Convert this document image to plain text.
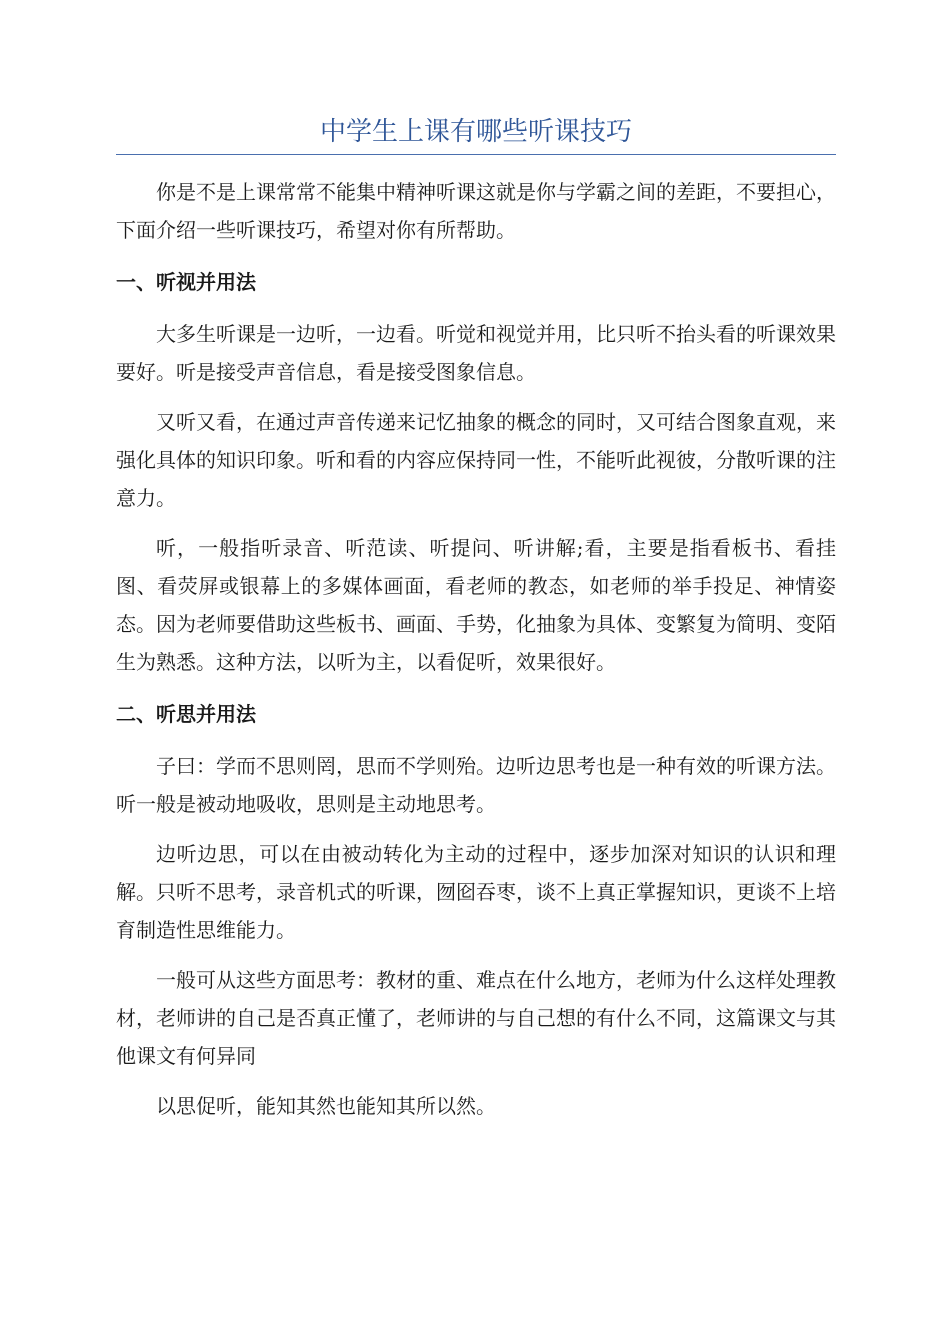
中学生上课有哪些听课技巧

你是不是上课常常不能集中精神听课这就是你与学霸之间的差距，不要担心，下面介绍一些听课技巧，希望对你有所帮助。

一、听视并用法

大多生听课是一边听，一边看。听觉和视觉并用，比只听不抬头看的听课效果要好。听是接受声音信息，看是接受图象信息。

又听又看，在通过声音传递来记忆抽象的概念的同时，又可结合图象直观，来强化具体的知识印象。听和看的内容应保持同一性，不能听此视彼，分散听课的注意力。

听，一般指听录音、听范读、听提问、听讲解;看，主要是指看板书、看挂图、看荧屏或银幕上的多媒体画面，看老师的教态，如老师的举手投足、神情姿态。因为老师要借助这些板书、画面、手势，化抽象为具体、变繁复为简明、变陌生为熟悉。这种方法，以听为主，以看促听，效果很好。

二、听思并用法

子曰：学而不思则罔，思而不学则殆。边听边思考也是一种有效的听课方法。听一般是被动地吸收，思则是主动地思考。

边听边思，可以在由被动转化为主动的过程中，逐步加深对知识的认识和理解。只听不思考，录音机式的听课，囫囵吞枣，谈不上真正掌握知识，更谈不上培育制造性思维能力。

一般可从这些方面思考：教材的重、难点在什么地方，老师为什么这样处理教材，老师讲的自己是否真正懂了，老师讲的与自己想的有什么不同，这篇课文与其他课文有何异同

以思促听，能知其然也能知其所以然。
